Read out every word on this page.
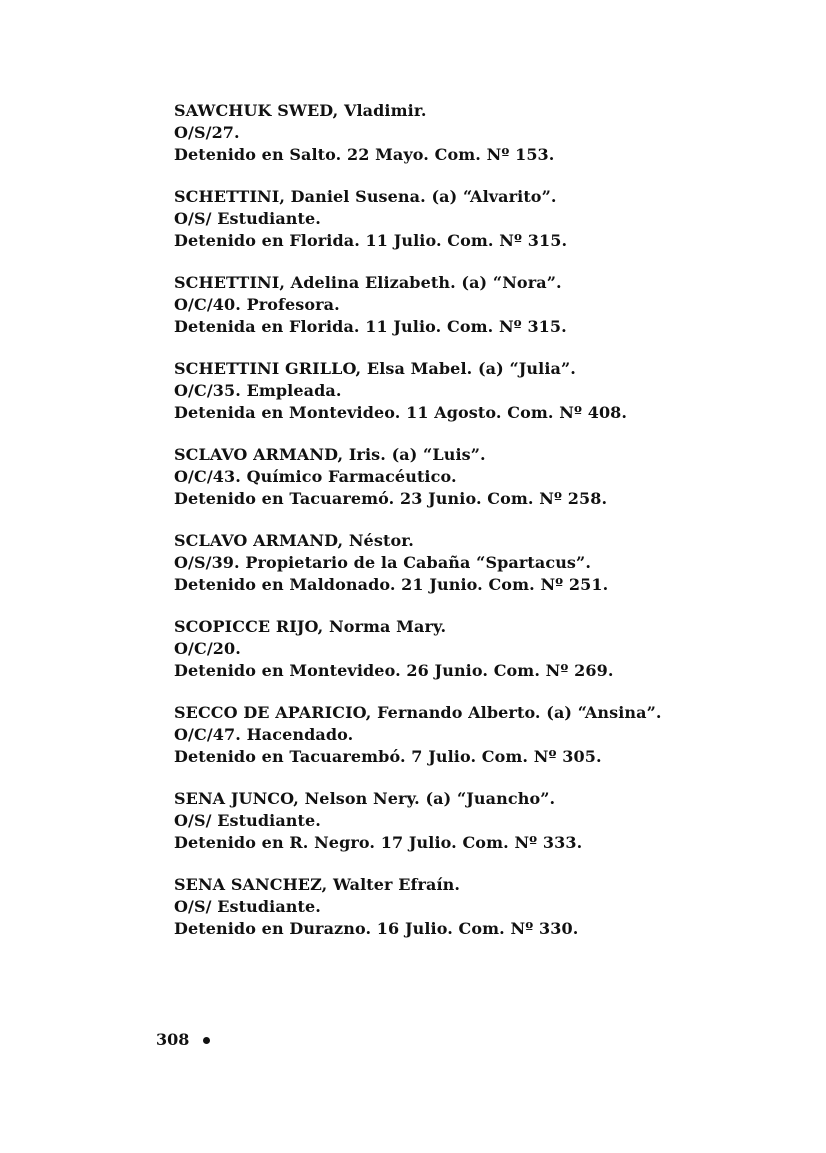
SAWCHUK SWED, Vladimir.
O/S/27.
Detenido en Salto. 22 Mayo. Com. Nº 153.
SCHETTINI, Daniel Susena. (a) “Alvarito”.
O/S/ Estudiante.
Detenido en Florida. 11 Julio. Com. Nº 315.
SCHETTINI, Adelina Elizabeth. (a) “Nora”.
O/C/40. Profesora.
Detenida en Florida. 11 Julio. Com. Nº 315.
SCHETTINI GRILLO, Elsa Mabel. (a) “Julia”.
O/C/35. Empleada.
Detenida en Montevideo. 11 Agosto. Com. Nº 408.
SCLAVO ARMAND, Iris. (a) “Luis”.
O/C/43. Químico Farmacéutico.
Detenido en Tacuaremó. 23 Junio. Com. Nº 258.
SCLAVO ARMAND, Néstor.
O/S/39. Propietario de la Cabaña “Spartacus”.
Detenido en Maldonado. 21 Junio. Com. Nº 251.
SCOPICCE RIJO, Norma Mary.
O/C/20.
Detenido en Montevideo. 26 Junio. Com. Nº 269.
SECCO DE APARICIO, Fernando Alberto. (a) “Ansina”.
O/C/47. Hacendado.
Detenido en Tacuarembó. 7 Julio. Com. Nº 305.
SENA JUNCO, Nelson Nery. (a) “Juancho”.
O/S/ Estudiante.
Detenido en R. Negro. 17 Julio. Com. Nº 333.
SENA SANCHEZ, Walter Efraín.
O/S/ Estudiante.
Detenido en Durazno. 16 Julio. Com. Nº 330.
308
